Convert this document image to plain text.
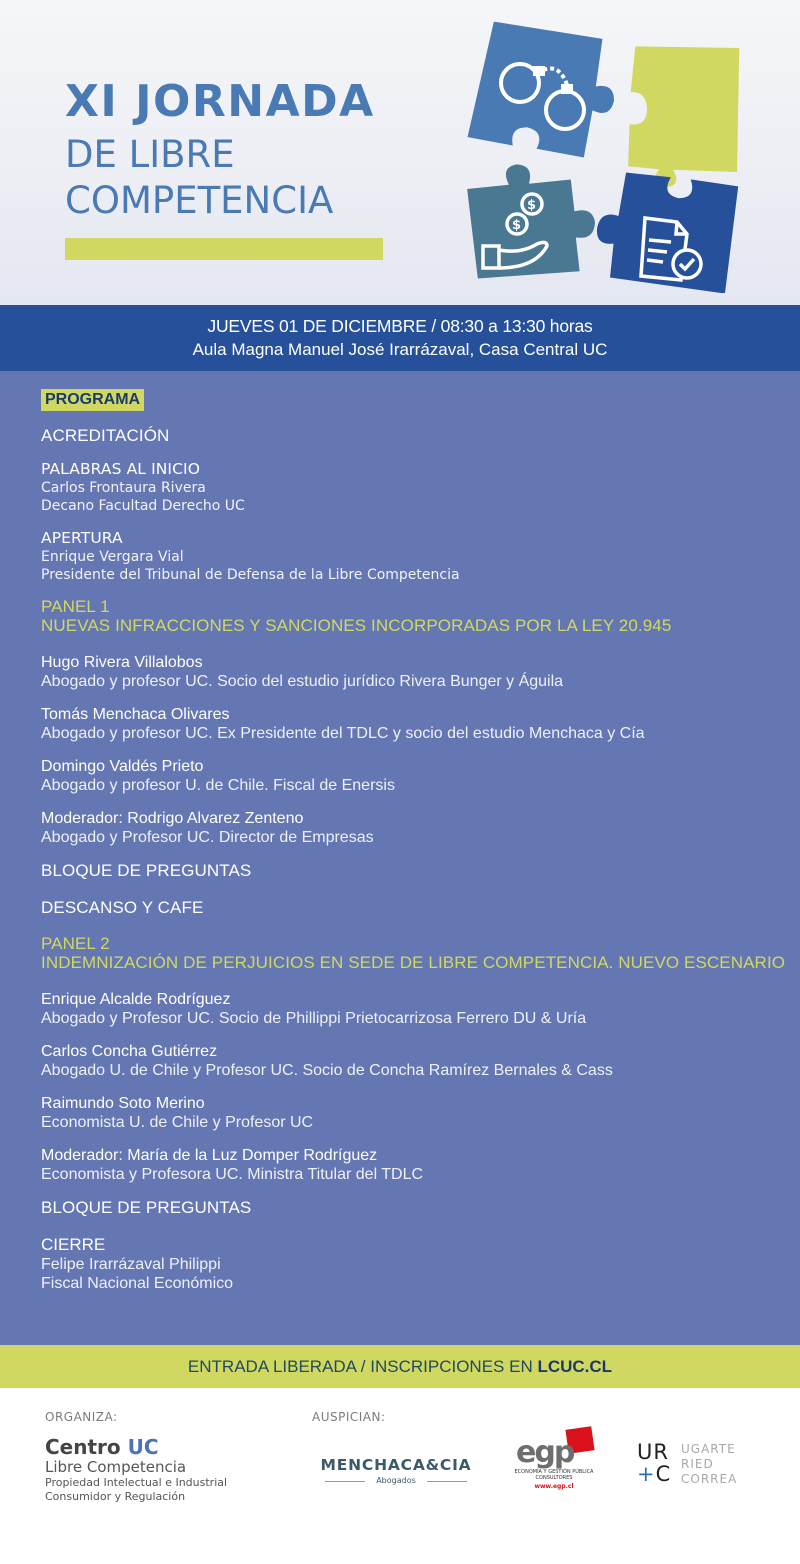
XI JORNADA
DE LIBRE
COMPETENCIA	$
$
JUEVES 01 DE DICIEMBRE / 08:30 a 13:30 horas
Aula Magna Manuel José Irarrázaval, Casa Central UC
PROGRAMA
ACREDITACIÓN
PALABRAS AL INICIO
Carlos Frontaura Rivera
Decano Facultad Derecho UC
APERTURA
Enrique Vergara Vial
Presidente del Tribunal de Defensa de la Libre Competencia
PANEL 1
NUEVAS INFRACCIONES Y SANCIONES INCORPORADAS POR LA LEY 20.945
Hugo Rivera Villalobos
Abogado y profesor UC. Socio del estudio jurídico Rivera Bunger y Águila
Tomás Menchaca Olivares
Abogado y profesor UC. Ex Presidente del TDLC y socio del estudio Menchaca y Cía
Domingo Valdés Prieto
Abogado y profesor U. de Chile. Fiscal de Enersis
Moderador: Rodrigo Alvarez Zenteno
Abogado y Profesor UC. Director de Empresas
BLOQUE DE PREGUNTAS
DESCANSO Y CAFE
PANEL 2
INDEMNIZACIÓN DE PERJUICIOS EN SEDE DE LIBRE COMPETENCIA. NUEVO ESCENARIO
Enrique Alcalde Rodríguez
Abogado y Profesor UC. Socio de Phillippi Prietocarrizosa Ferrero DU & Uría
Carlos Concha Gutiérrez
Abogado U. de Chile y Profesor UC. Socio de Concha Ramírez Bernales & Cass
Raimundo Soto Merino
Economista U. de Chile y Profesor UC
Moderador: María de la Luz Domper Rodríguez
Economista y Profesora UC. Ministra Titular del TDLC
BLOQUE DE PREGUNTAS
CIERRE
Felipe Irarrázaval Philippi
Fiscal Nacional Económico
ENTRADA LIBERADA / INSCRIPCIONES EN LCUC.CL
ORGANIZA:	AUSPICIAN:
Centro UC
Libre Competencia
Propiedad Intelectual e Industrial
Consumidor y Regulación
MENCHACA&CIA
Abogados
egp
ECONOMÍA Y GESTIÓN PÚBLICA
CONSULTORES
www.egp.cl
UR
+C
UGARTE
RIED
CORREA
